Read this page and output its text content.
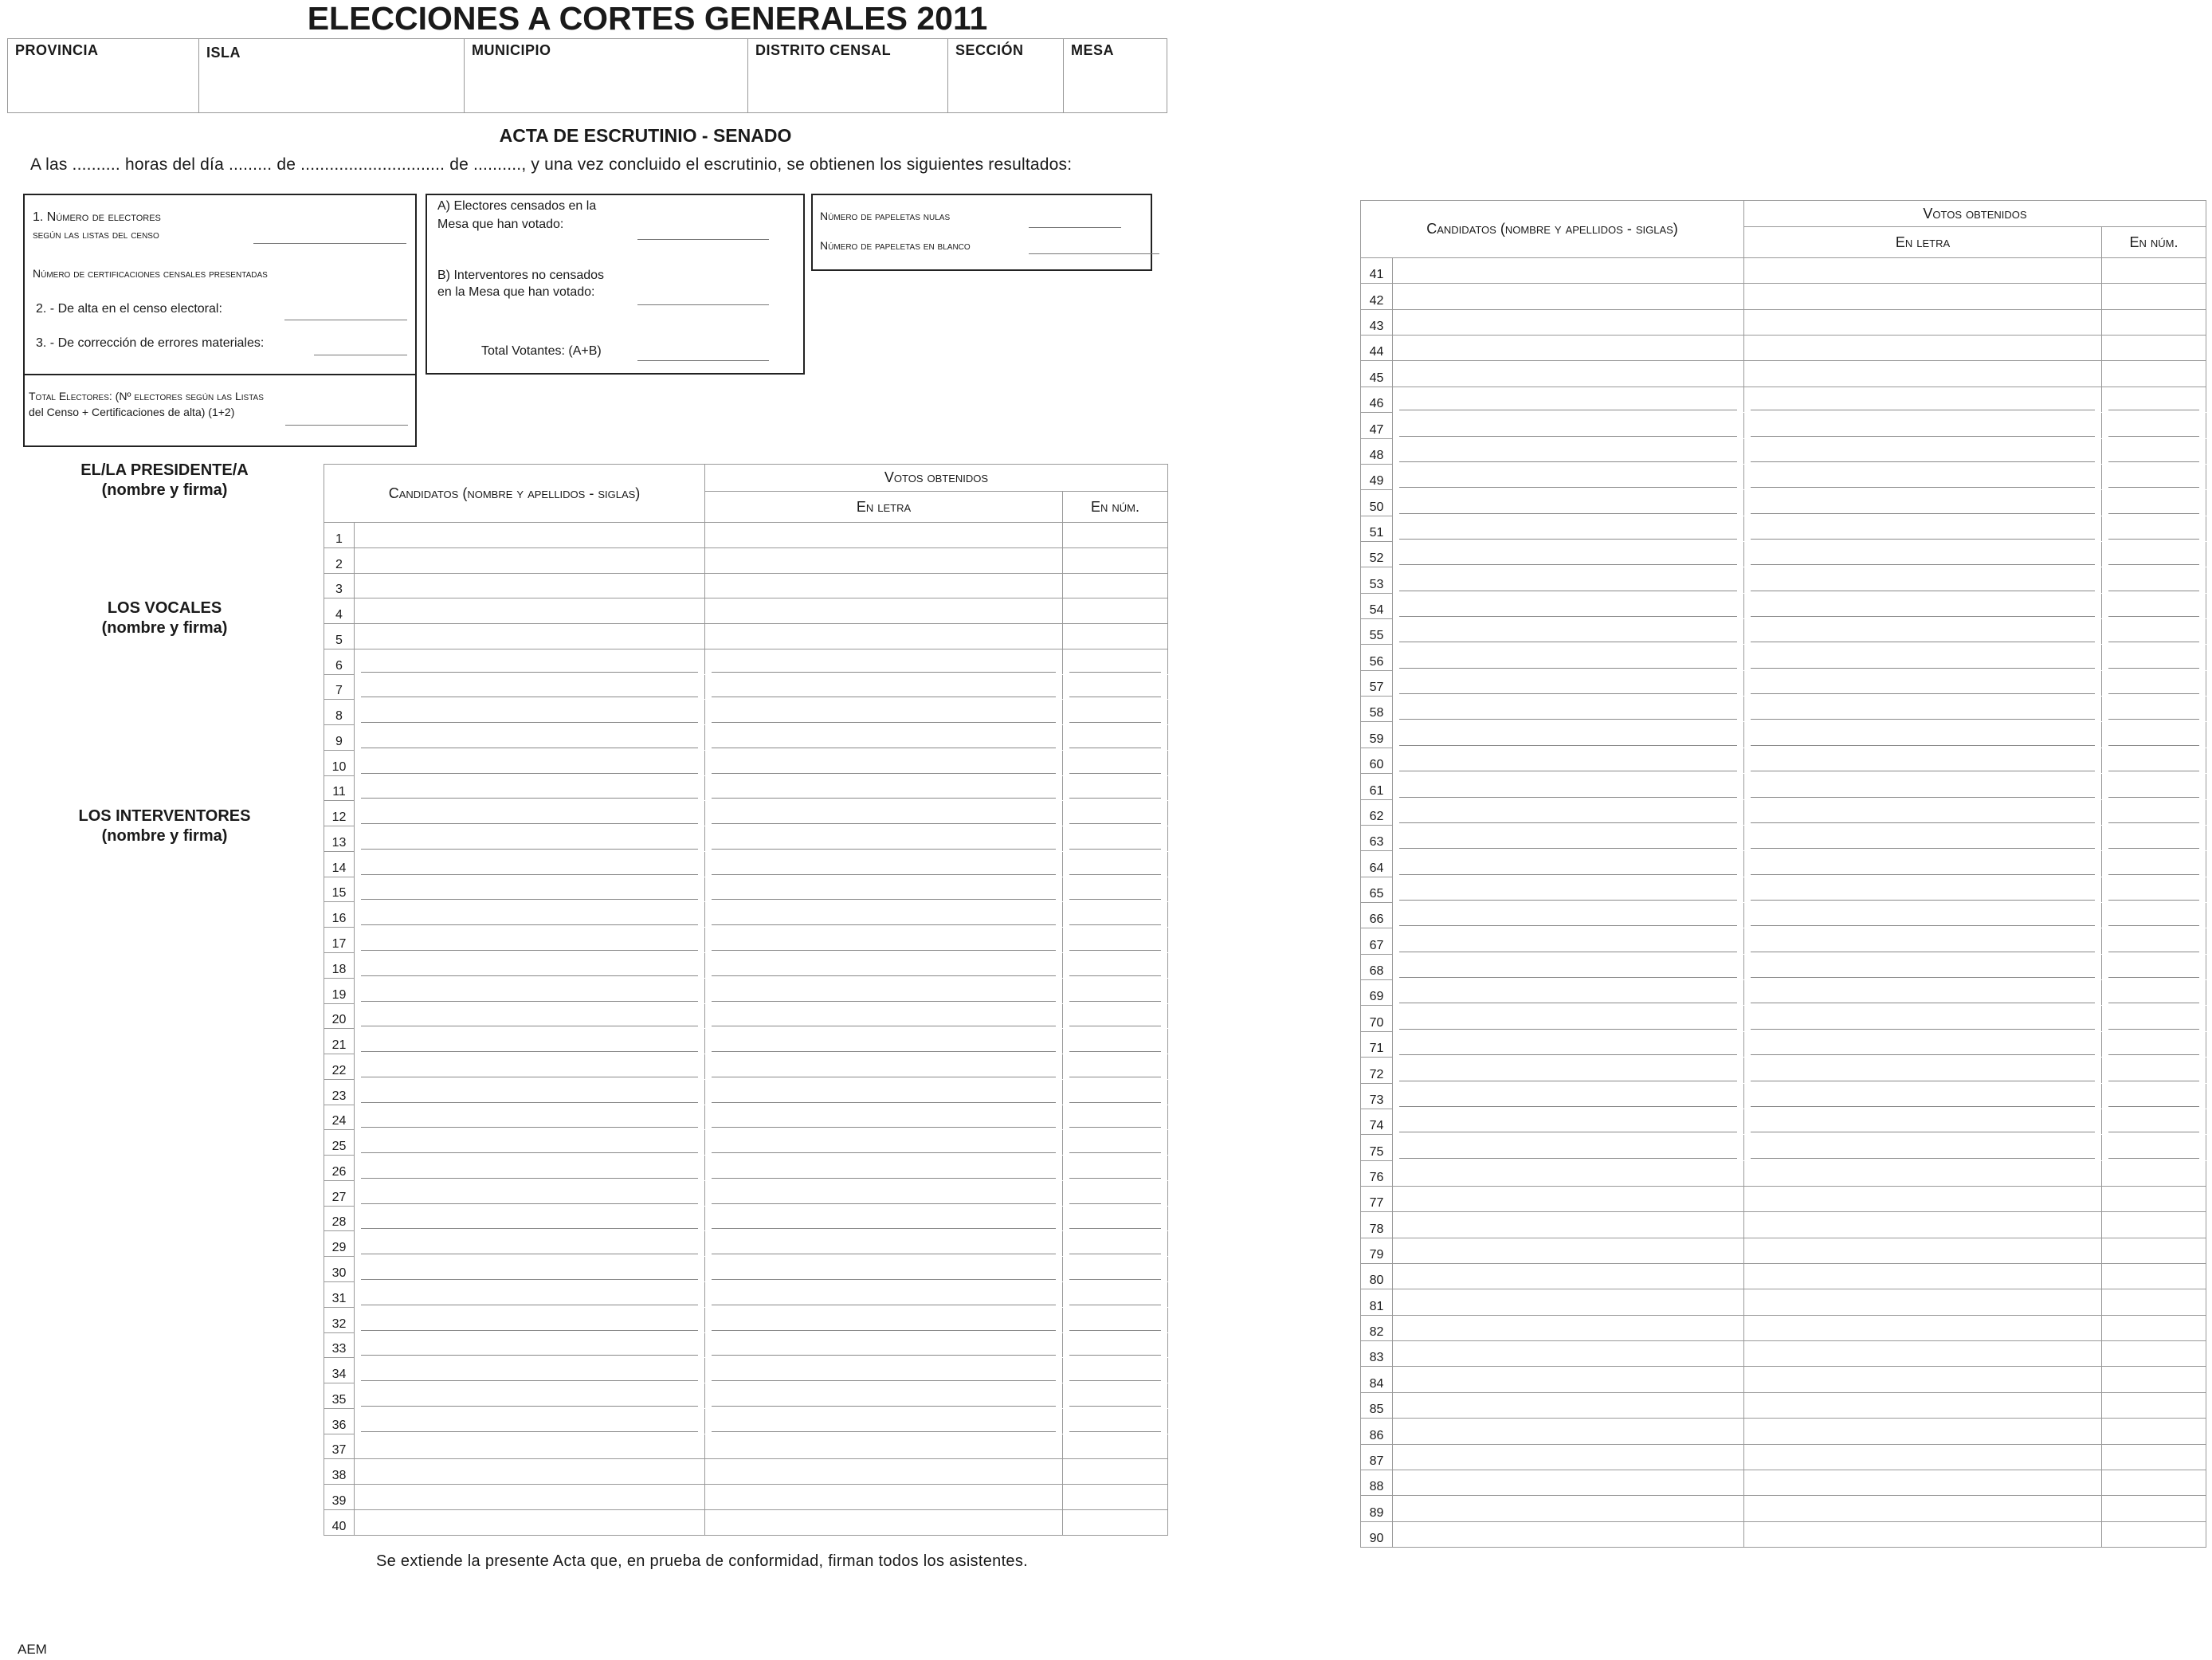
ELECCIONES A CORTES GENERALES 2011
PROVINCIA	ISLA	MUNICIPIO	DISTRITO CENSAL	SECCIÓN	MESA
ACTA DE ESCRUTINIO - SENADO
A las .......... horas del día ......... de .............................. de .........., y una vez concluido el escrutinio, se obtienen los siguientes resultados:
1. Número de electores
según las listas del censo
Número de certificaciones censales presentadas
2. - De alta en el censo electoral:
3. - De corrección de errores materiales:
Total Electores: (Nº electores según las Listas
del Censo + Certificaciones de alta) (1+2)
A) Electores censados en la
Mesa que han votado:
B) Interventores no censados
en la Mesa que han votado:
Total Votantes: (A+B)
Número de papeletas nulas
Número de papeletas en blanco
EL/LA PRESIDENTE/A
(nombre y firma)
LOS VOCALES
(nombre y firma)
LOS INTERVENTORES
(nombre y firma)
Candidatos (nombre y apellidos - siglas)		Votos obtenidos	
		En letra	En núm.
1			
2			
3			
4			
5			
6			
7			
8			
9			
10			
11			
12			
13			
14			
15			
16			
17			
18			
19			
20			
21			
22			
23			
24			
25			
26			
27			
28			
29			
30			
31			
32			
33			
34			
35			
36			
37			
38			
39			
40			
Candidatos (nombre y apellidos - siglas)		Votos obtenidos	
		En letra	En núm.
41			
42			
43			
44			
45			
46			
47			
48			
49			
50			
51			
52			
53			
54			
55			
56			
57			
58			
59			
60			
61			
62			
63			
64			
65			
66			
67			
68			
69			
70			
71			
72			
73			
74			
75			
76			
77			
78			
79			
80			
81			
82			
83			
84			
85			
86			
87			
88			
89			
90			
Se extiende la presente Acta que, en prueba de conformidad, firman todos los asistentes.
AEM
